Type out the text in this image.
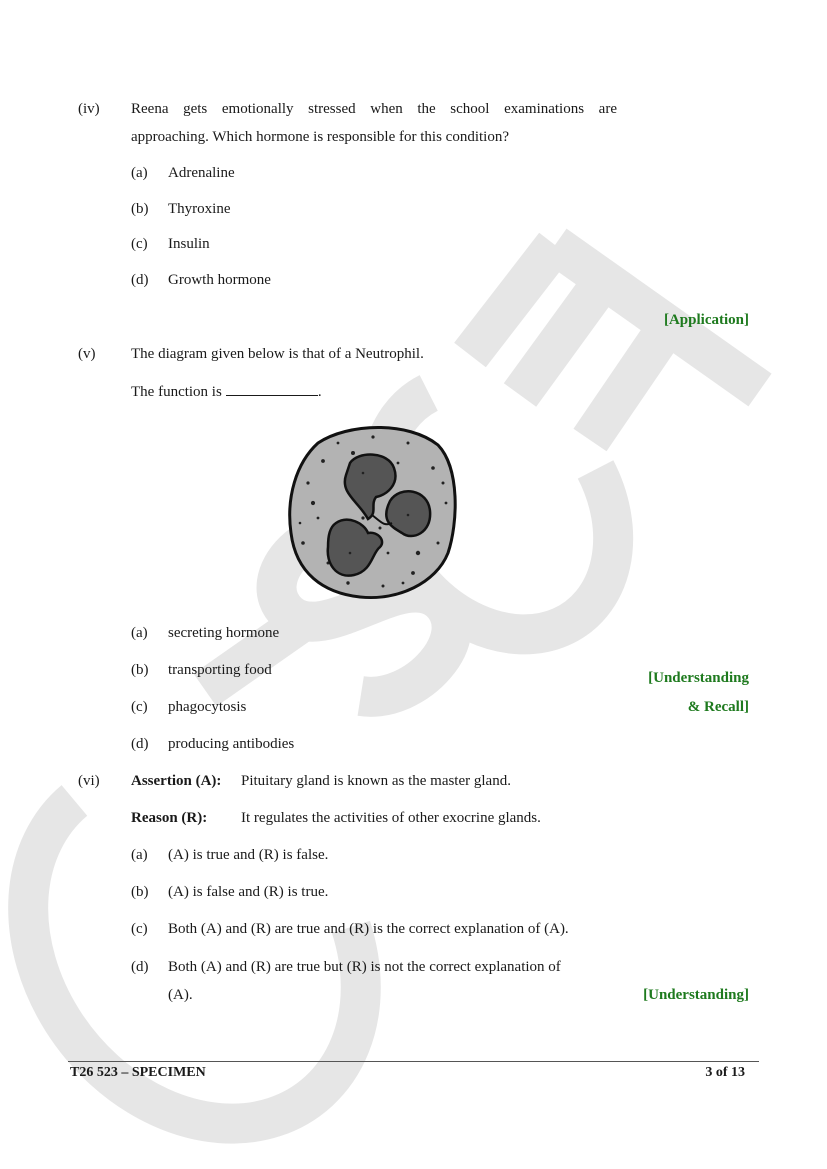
(iv) Reena gets emotionally stressed when the school examinations are
approaching. Which hormone is responsible for this condition?
(a) Adrenaline
(b) Thyroxine
(c) Insulin
(d) Growth hormone
[Application]
(v) The diagram given below is that of a Neutrophil.
The function is	.
(a) secreting hormone
(b) transporting food
(c) phagocytosis
(d) producing antibodies
[Understanding
& Recall]
(vi) Assertion (A): Pituitary gland is known as the master gland.
Reason (R): It regulates the activities of other exocrine glands.
(a) (A) is true and (R) is false.
(b) (A) is false and (R) is true.
(c) Both (A) and (R) are true and (R) is the correct explanation of (A).
(d) Both (A) and (R) are true but (R) is not the correct explanation of
(A).	[Understanding]
T26 523 – SPECIMEN	3 of 13
